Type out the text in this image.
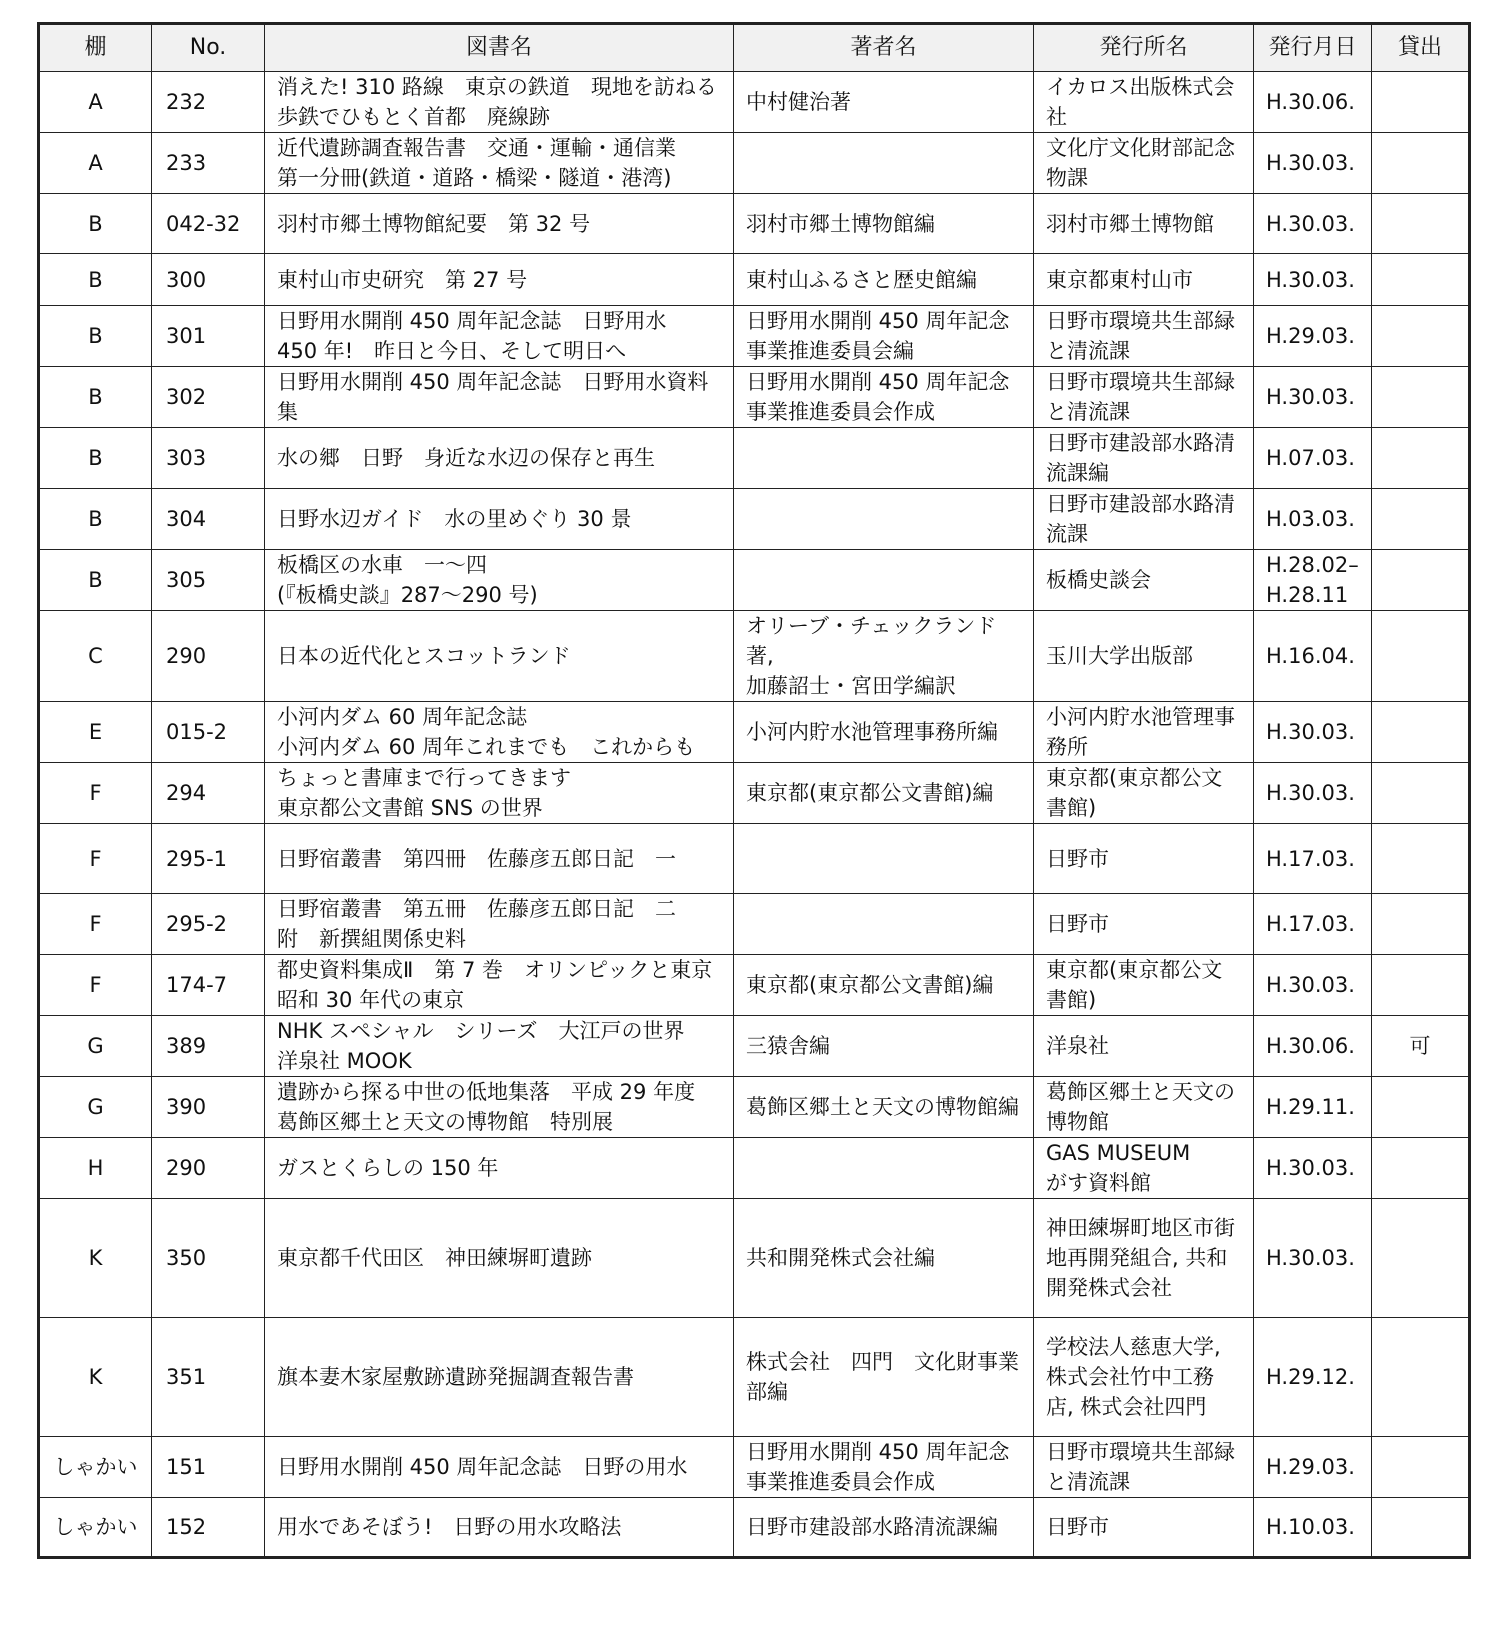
棚	No.	図書名	著者名	発行所名	発行月日	貸出
A	232	消えた! 310 路線　東京の鉄道　現地を訪ねる歩鉄でひもとく首都　廃線跡	中村健治著	イカロス出版株式会社	H.30.06.	
A	233	近代遺跡調査報告書　交通・運輸・通信業
第一分冊(鉄道・道路・橋梁・隧道・港湾)		文化庁文化財部記念物課	H.30.03.	
B	042-32	羽村市郷土博物館紀要　第 32 号	羽村市郷土博物館編	羽村市郷土博物館	H.30.03.	
B	300	東村山市史研究　第 27 号	東村山ふるさと歴史館編	東京都東村山市	H.30.03.	
B	301	日野用水開削 450 周年記念誌　日野用水
450 年!　昨日と今日、そして明日へ	日野用水開削 450 周年記念事業推進委員会編	日野市環境共生部緑と清流課	H.29.03.	
B	302	日野用水開削 450 周年記念誌　日野用水資料集	日野用水開削 450 周年記念事業推進委員会作成	日野市環境共生部緑と清流課	H.30.03.	
B	303	水の郷　日野　身近な水辺の保存と再生		日野市建設部水路清流課編	H.07.03.	
B	304	日野水辺ガイド　水の里めぐり 30 景		日野市建設部水路清流課	H.03.03.	
B	305	板橋区の水車　一～四
(『板橋史談』287～290 号)		板橋史談会	H.28.02–
H.28.11	
C	290	日本の近代化とスコットランド	オリーブ・チェックランド著,
加藤詔士・宮田学編訳	玉川大学出版部	H.16.04.	
E	015-2	小河内ダム 60 周年記念誌
小河内ダム 60 周年これまでも　これからも	小河内貯水池管理事務所編	小河内貯水池管理事務所	H.30.03.	
F	294	ちょっと書庫まで行ってきます
東京都公文書館 SNS の世界	東京都(東京都公文書館)編	東京都(東京都公文書館)	H.30.03.	
F	295-1	日野宿叢書　第四冊　佐藤彦五郎日記　一		日野市	H.17.03.	
F	295-2	日野宿叢書　第五冊　佐藤彦五郎日記　二
附　新撰組関係史料		日野市	H.17.03.	
F	174-7	都史資料集成Ⅱ　第 7 巻　オリンピックと東京
昭和 30 年代の東京	東京都(東京都公文書館)編	東京都(東京都公文書館)	H.30.03.	
G	389	NHK スペシャル　シリーズ　大江戸の世界
洋泉社 MOOK	三猿舎編	洋泉社	H.30.06.	可
G	390	遺跡から探る中世の低地集落　平成 29 年度
葛飾区郷土と天文の博物館　特別展	葛飾区郷土と天文の博物館編	葛飾区郷土と天文の博物館	H.29.11.	
H	290	ガスとくらしの 150 年		GAS MUSEUM
がす資料館	H.30.03.	
K	350	東京都千代田区　神田練塀町遺跡	共和開発株式会社編	神田練塀町地区市街地再開発組合, 共和開発株式会社	H.30.03.	
K	351	旗本妻木家屋敷跡遺跡発掘調査報告書	株式会社　四門　文化財事業部編	学校法人慈恵大学, 株式会社竹中工務店, 株式会社四門	H.29.12.	
しゃかい	151	日野用水開削 450 周年記念誌　日野の用水	日野用水開削 450 周年記念事業推進委員会作成	日野市環境共生部緑と清流課	H.29.03.	
しゃかい	152	用水であそぼう!　日野の用水攻略法	日野市建設部水路清流課編	日野市	H.10.03.	
